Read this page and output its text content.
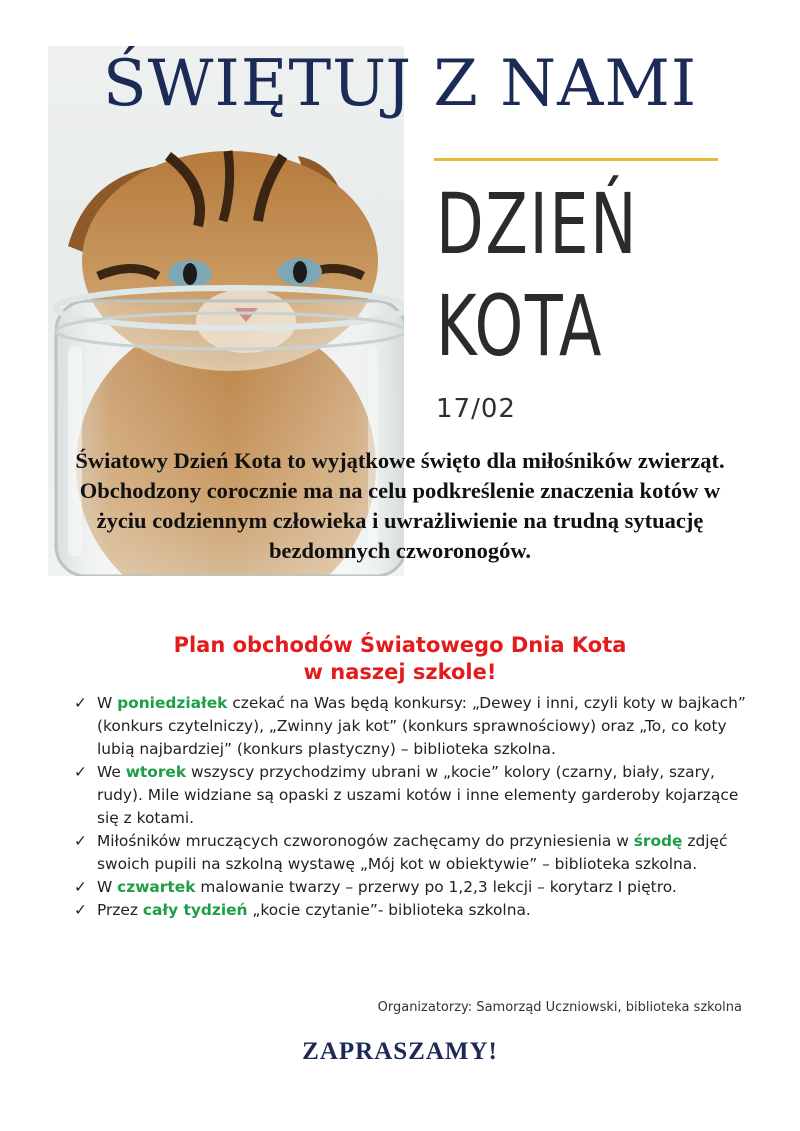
ŚWIĘTUJ Z NAMI
DZIEŃ
KOTA
17/02
Światowy Dzień Kota to wyjątkowe święto dla miłośników zwierząt. Obchodzony corocznie ma na celu podkreślenie znaczenia kotów w życiu codziennym człowieka i uwrażliwienie na trudną sytuację bezdomnych czworonogów.
Plan obchodów Światowego Dnia Kota
w naszej szkole!
✓ W poniedziałek czekać na Was będą konkursy: „Dewey i inni, czyli koty w bajkach” (konkurs czytelniczy), „Zwinny jak kot” (konkurs sprawnościowy) oraz „To, co koty lubią najbardziej” (konkurs plastyczny) – biblioteka szkolna.
✓ We wtorek wszyscy przychodzimy ubrani w „kocie” kolory (czarny, biały, szary, rudy). Mile widziane są opaski z uszami kotów i inne elementy garderoby kojarzące się z kotami.
✓ Miłośników mruczących czworonogów zachęcamy do przyniesienia w środę zdjęć swoich pupili na szkolną wystawę „Mój kot w obiektywie” – biblioteka szkolna.
✓ W czwartek malowanie twarzy – przerwy po 1,2,3 lekcji – korytarz I piętro.
✓ Przez cały tydzień „kocie czytanie”- biblioteka szkolna.
Organizatorzy: Samorząd Uczniowski, biblioteka szkolna
ZAPRASZAMY!
